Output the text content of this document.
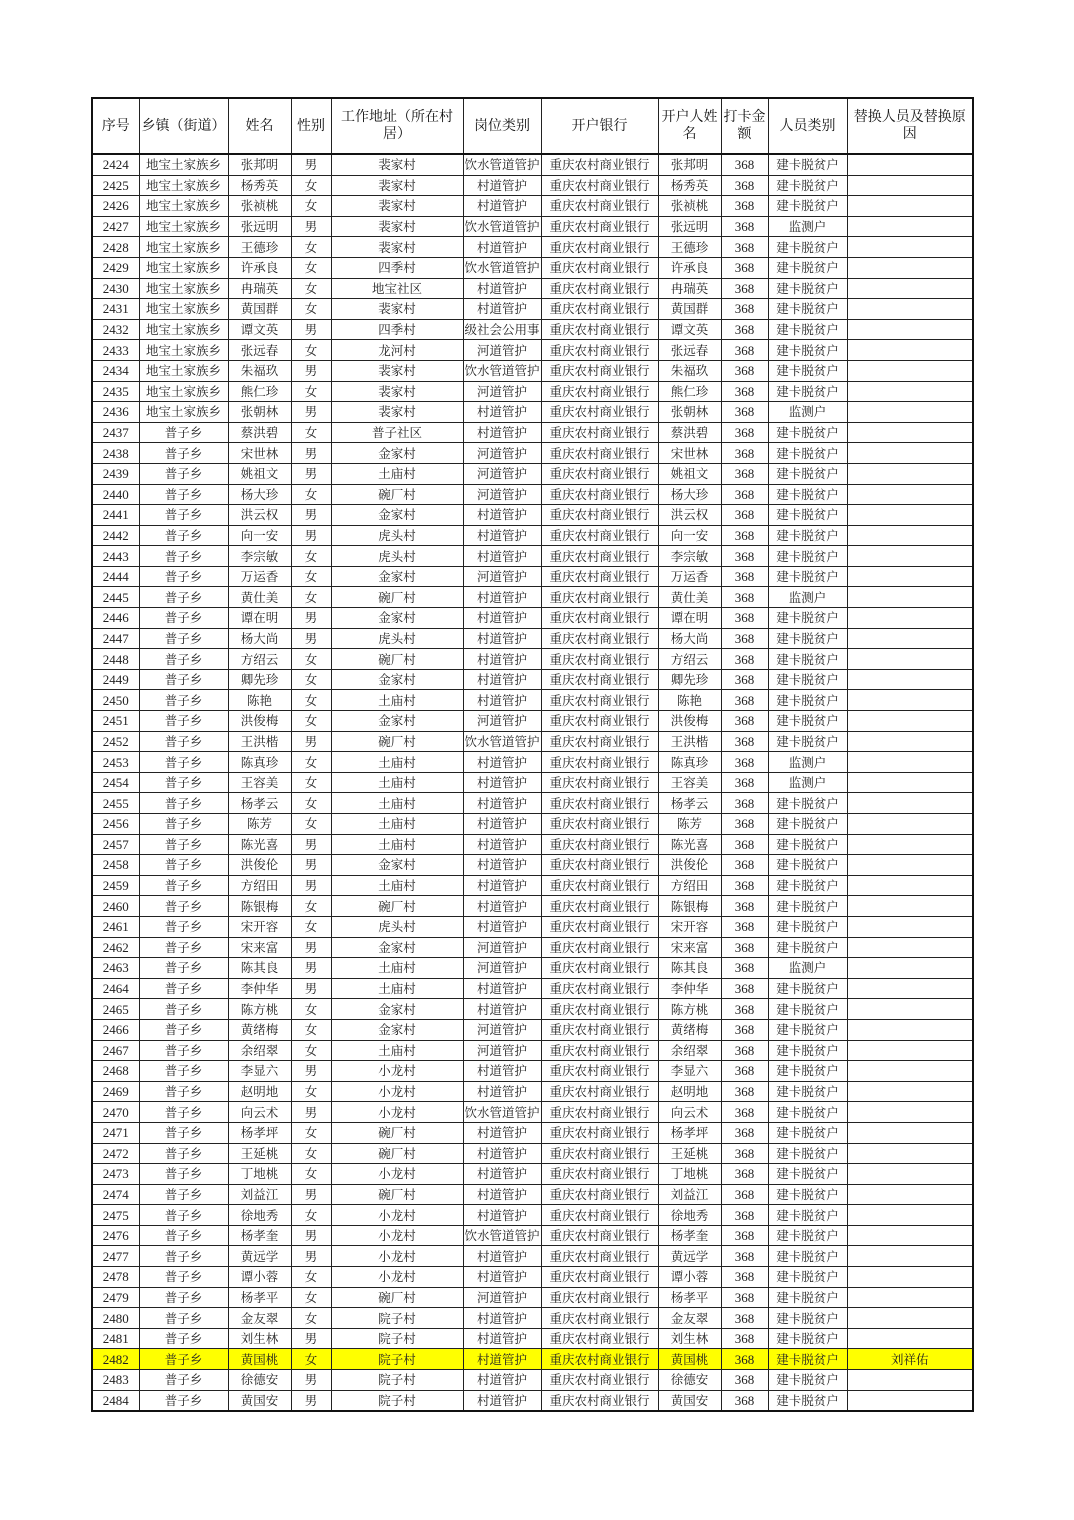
序号	乡镇（街道）	姓名	性别	工作地址（所在村居）	岗位类别	开户银行	开户人姓名	打卡金额	人员类别	替换人员及替换原因
2424	地宝土家族乡	张邦明	男	裴家村	饮水管道管护	重庆农村商业银行	张邦明	368	建卡脱贫户	
2425	地宝土家族乡	杨秀英	女	裴家村	村道管护	重庆农村商业银行	杨秀英	368	建卡脱贫户	
2426	地宝土家族乡	张祯桃	女	裴家村	村道管护	重庆农村商业银行	张祯桃	368	建卡脱贫户	
2427	地宝土家族乡	张远明	男	裴家村	饮水管道管护	重庆农村商业银行	张远明	368	监测户	
2428	地宝土家族乡	王德珍	女	裴家村	村道管护	重庆农村商业银行	王德珍	368	建卡脱贫户	
2429	地宝土家族乡	许承良	女	四季村	饮水管道管护	重庆农村商业银行	许承良	368	建卡脱贫户	
2430	地宝土家族乡	冉瑞英	女	地宝社区	村道管护	重庆农村商业银行	冉瑞英	368	建卡脱贫户	
2431	地宝土家族乡	黄国群	女	裴家村	村道管护	重庆农村商业银行	黄国群	368	建卡脱贫户	
2432	地宝土家族乡	谭文英	男	四季村	级社会公用事	重庆农村商业银行	谭文英	368	建卡脱贫户	
2433	地宝土家族乡	张远春	女	龙河村	河道管护	重庆农村商业银行	张远春	368	建卡脱贫户	
2434	地宝土家族乡	朱福玖	男	裴家村	饮水管道管护	重庆农村商业银行	朱福玖	368	建卡脱贫户	
2435	地宝土家族乡	熊仁珍	女	裴家村	河道管护	重庆农村商业银行	熊仁珍	368	建卡脱贫户	
2436	地宝土家族乡	张朝林	男	裴家村	村道管护	重庆农村商业银行	张朝林	368	监测户	
2437	普子乡	蔡洪碧	女	普子社区	村道管护	重庆农村商业银行	蔡洪碧	368	建卡脱贫户	
2438	普子乡	宋世林	男	金家村	河道管护	重庆农村商业银行	宋世林	368	建卡脱贫户	
2439	普子乡	姚祖文	男	土庙村	河道管护	重庆农村商业银行	姚祖文	368	建卡脱贫户	
2440	普子乡	杨大珍	女	碗厂村	河道管护	重庆农村商业银行	杨大珍	368	建卡脱贫户	
2441	普子乡	洪云权	男	金家村	村道管护	重庆农村商业银行	洪云权	368	建卡脱贫户	
2442	普子乡	向一安	男	虎头村	村道管护	重庆农村商业银行	向一安	368	建卡脱贫户	
2443	普子乡	李宗敏	女	虎头村	村道管护	重庆农村商业银行	李宗敏	368	建卡脱贫户	
2444	普子乡	万运香	女	金家村	河道管护	重庆农村商业银行	万运香	368	建卡脱贫户	
2445	普子乡	黄仕美	女	碗厂村	村道管护	重庆农村商业银行	黄仕美	368	监测户	
2446	普子乡	谭在明	男	金家村	村道管护	重庆农村商业银行	谭在明	368	建卡脱贫户	
2447	普子乡	杨大尚	男	虎头村	村道管护	重庆农村商业银行	杨大尚	368	建卡脱贫户	
2448	普子乡	方绍云	女	碗厂村	村道管护	重庆农村商业银行	方绍云	368	建卡脱贫户	
2449	普子乡	卿先珍	女	金家村	村道管护	重庆农村商业银行	卿先珍	368	建卡脱贫户	
2450	普子乡	陈艳	女	土庙村	村道管护	重庆农村商业银行	陈艳	368	建卡脱贫户	
2451	普子乡	洪俊梅	女	金家村	河道管护	重庆农村商业银行	洪俊梅	368	建卡脱贫户	
2452	普子乡	王洪楷	男	碗厂村	饮水管道管护	重庆农村商业银行	王洪楷	368	建卡脱贫户	
2453	普子乡	陈真珍	女	土庙村	村道管护	重庆农村商业银行	陈真珍	368	监测户	
2454	普子乡	王容美	女	土庙村	村道管护	重庆农村商业银行	王容美	368	监测户	
2455	普子乡	杨孝云	女	土庙村	村道管护	重庆农村商业银行	杨孝云	368	建卡脱贫户	
2456	普子乡	陈芳	女	土庙村	村道管护	重庆农村商业银行	陈芳	368	建卡脱贫户	
2457	普子乡	陈光喜	男	土庙村	村道管护	重庆农村商业银行	陈光喜	368	建卡脱贫户	
2458	普子乡	洪俊伦	男	金家村	村道管护	重庆农村商业银行	洪俊伦	368	建卡脱贫户	
2459	普子乡	方绍田	男	土庙村	村道管护	重庆农村商业银行	方绍田	368	建卡脱贫户	
2460	普子乡	陈银梅	女	碗厂村	村道管护	重庆农村商业银行	陈银梅	368	建卡脱贫户	
2461	普子乡	宋开容	女	虎头村	村道管护	重庆农村商业银行	宋开容	368	建卡脱贫户	
2462	普子乡	宋来富	男	金家村	河道管护	重庆农村商业银行	宋来富	368	建卡脱贫户	
2463	普子乡	陈其良	男	土庙村	河道管护	重庆农村商业银行	陈其良	368	监测户	
2464	普子乡	李仲华	男	土庙村	村道管护	重庆农村商业银行	李仲华	368	建卡脱贫户	
2465	普子乡	陈方桃	女	金家村	村道管护	重庆农村商业银行	陈方桃	368	建卡脱贫户	
2466	普子乡	黄绪梅	女	金家村	河道管护	重庆农村商业银行	黄绪梅	368	建卡脱贫户	
2467	普子乡	余绍翠	女	土庙村	河道管护	重庆农村商业银行	余绍翠	368	建卡脱贫户	
2468	普子乡	李显六	男	小龙村	村道管护	重庆农村商业银行	李显六	368	建卡脱贫户	
2469	普子乡	赵明地	女	小龙村	村道管护	重庆农村商业银行	赵明地	368	建卡脱贫户	
2470	普子乡	向云术	男	小龙村	饮水管道管护	重庆农村商业银行	向云术	368	建卡脱贫户	
2471	普子乡	杨孝坪	女	碗厂村	村道管护	重庆农村商业银行	杨孝坪	368	建卡脱贫户	
2472	普子乡	王延桃	女	碗厂村	村道管护	重庆农村商业银行	王延桃	368	建卡脱贫户	
2473	普子乡	丁地桃	女	小龙村	村道管护	重庆农村商业银行	丁地桃	368	建卡脱贫户	
2474	普子乡	刘益江	男	碗厂村	村道管护	重庆农村商业银行	刘益江	368	建卡脱贫户	
2475	普子乡	徐地秀	女	小龙村	村道管护	重庆农村商业银行	徐地秀	368	建卡脱贫户	
2476	普子乡	杨孝奎	男	小龙村	饮水管道管护	重庆农村商业银行	杨孝奎	368	建卡脱贫户	
2477	普子乡	黄远学	男	小龙村	村道管护	重庆农村商业银行	黄远学	368	建卡脱贫户	
2478	普子乡	谭小蓉	女	小龙村	村道管护	重庆农村商业银行	谭小蓉	368	建卡脱贫户	
2479	普子乡	杨孝平	女	碗厂村	河道管护	重庆农村商业银行	杨孝平	368	建卡脱贫户	
2480	普子乡	金友翠	女	院子村	村道管护	重庆农村商业银行	金友翠	368	建卡脱贫户	
2481	普子乡	刘生林	男	院子村	村道管护	重庆农村商业银行	刘生林	368	建卡脱贫户	
2482	普子乡	黄国桃	女	院子村	村道管护	重庆农村商业银行	黄国桃	368	建卡脱贫户	刘祥佑
2483	普子乡	徐德安	男	院子村	村道管护	重庆农村商业银行	徐德安	368	建卡脱贫户	
2484	普子乡	黄国安	男	院子村	村道管护	重庆农村商业银行	黄国安	368	建卡脱贫户	
